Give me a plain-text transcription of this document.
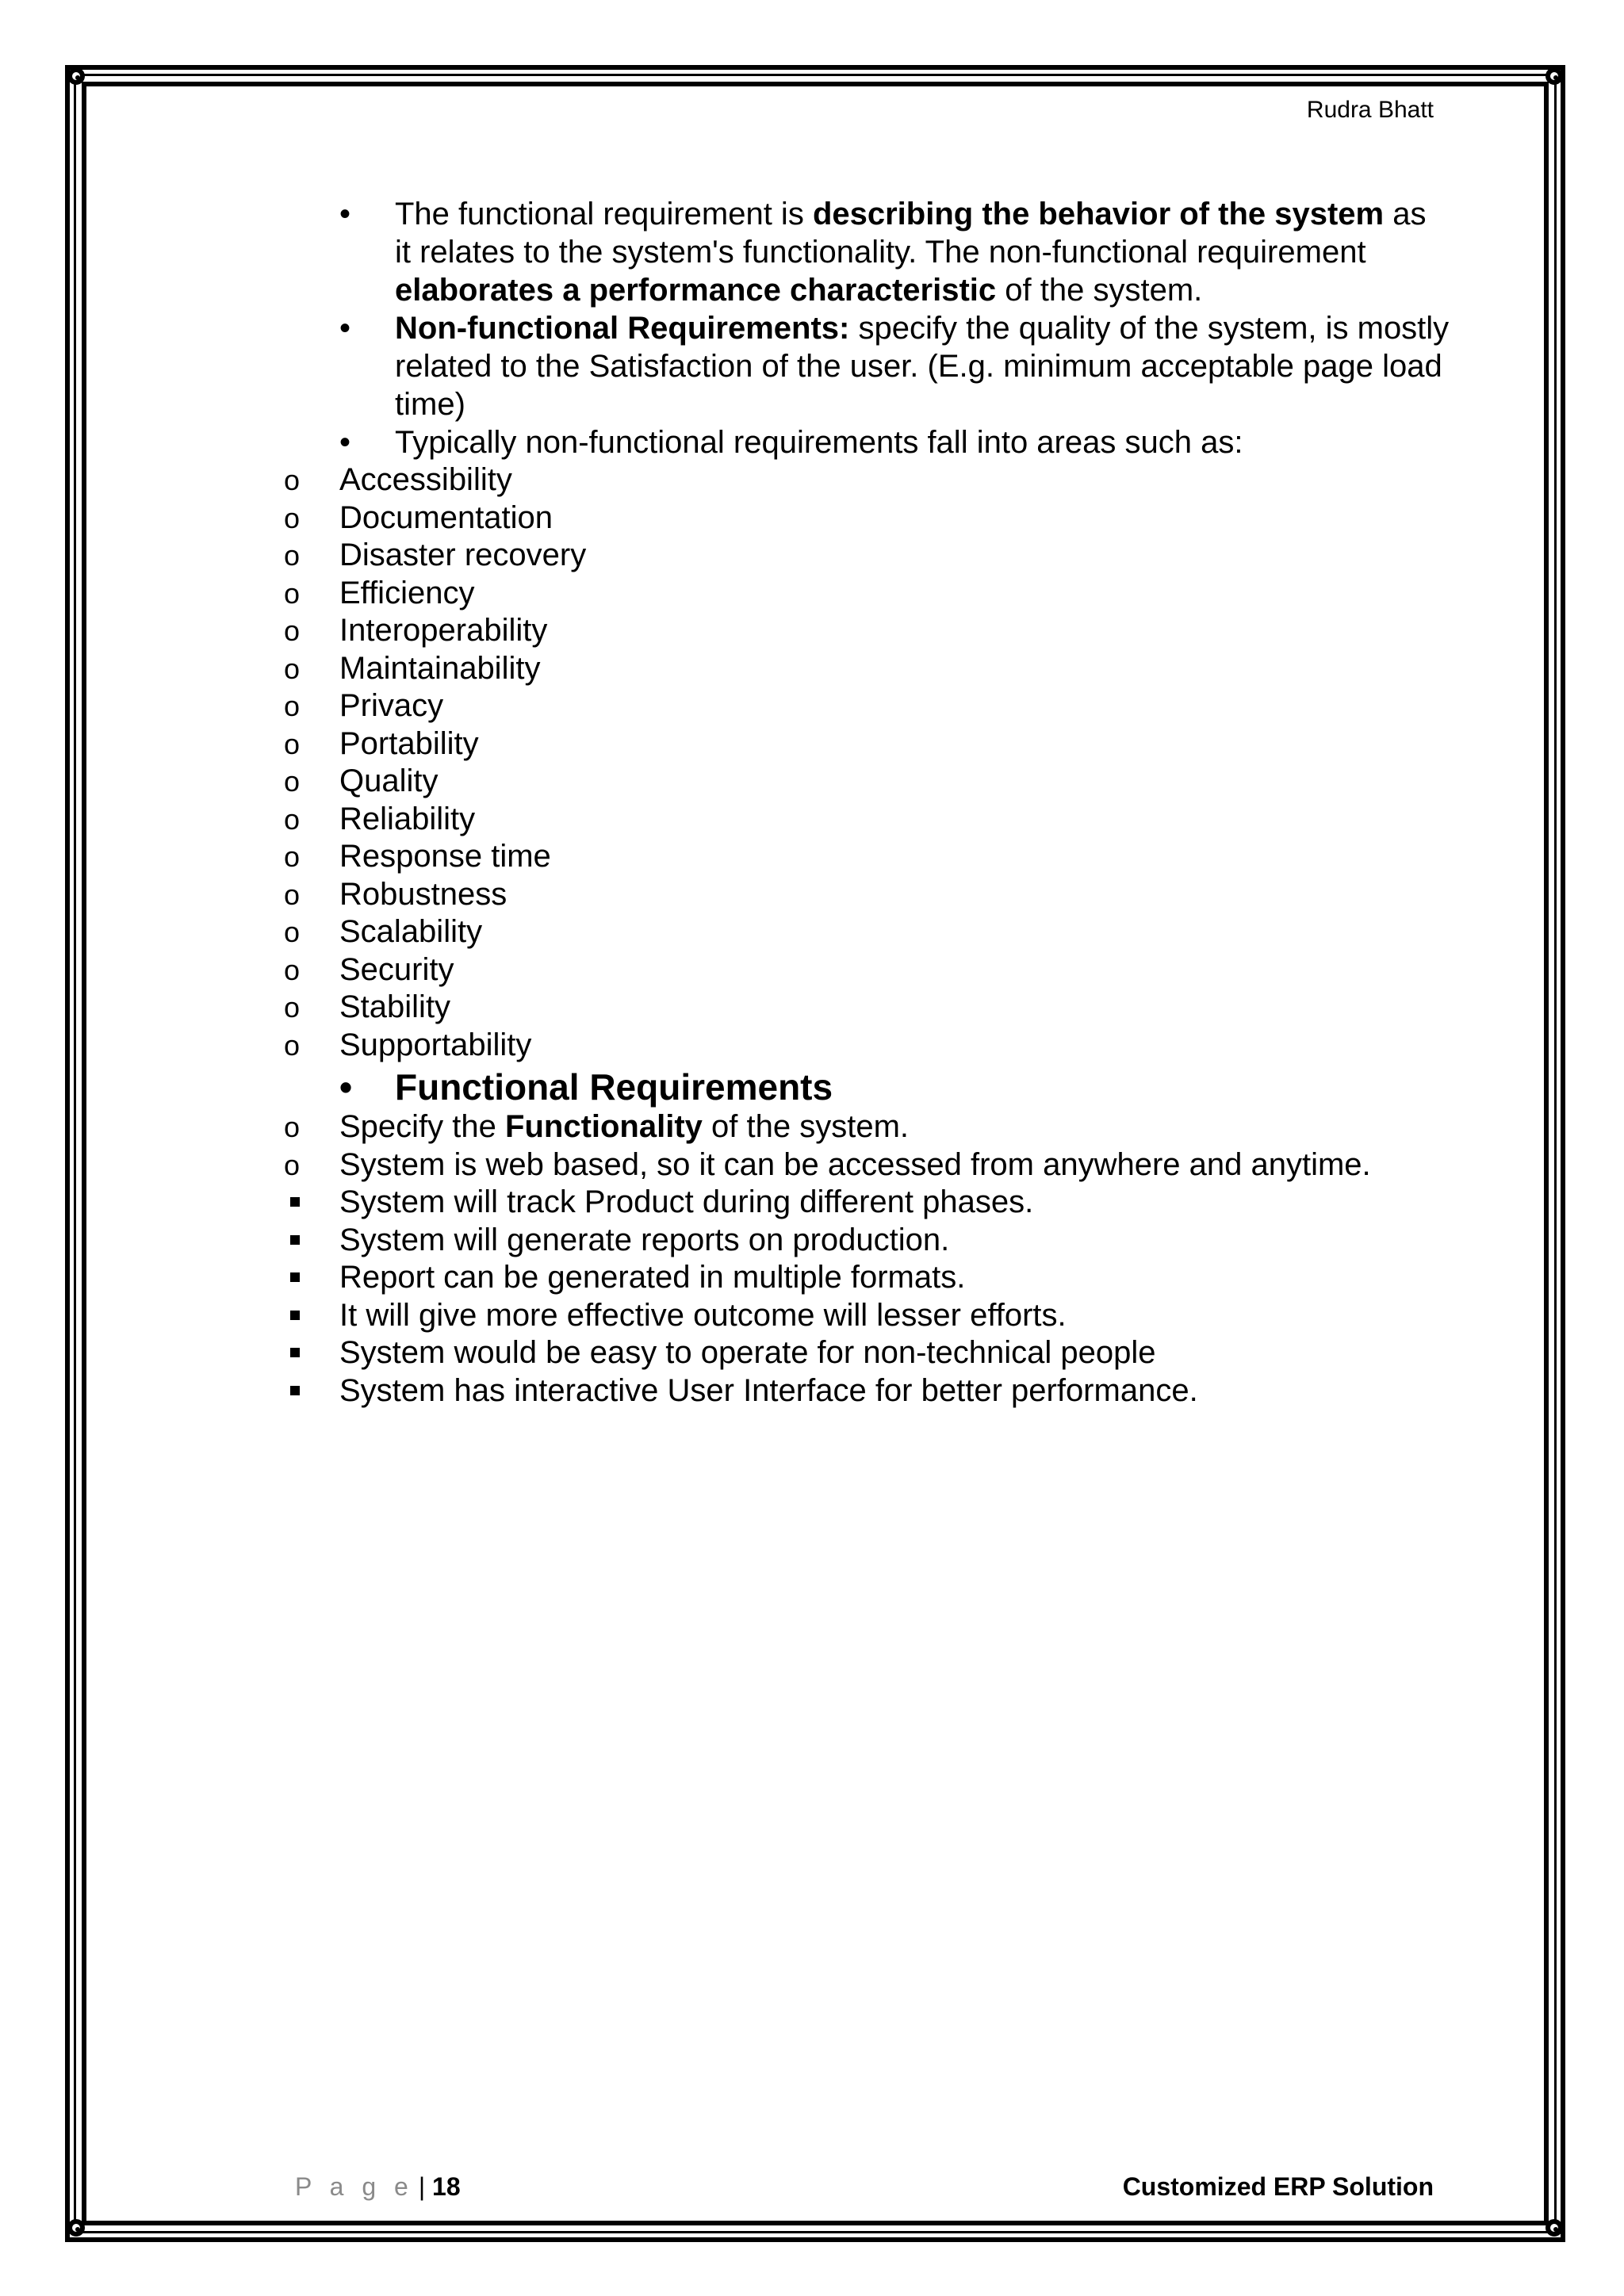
Rudra Bhatt

• The functional requirement is describing the behavior of the system as it relates to the system's functionality. The non-functional requirement elaborates a performance characteristic of the system.

• Non-functional Requirements: specify the quality of the system, is mostly related to the Satisfaction of the user. (E.g. minimum acceptable page load time)

• Typically non-functional requirements fall into areas such as:

o	Accessibility
o	Documentation
o	Disaster recovery
o	Efficiency
o	Interoperability
o	Maintainability
o	Privacy
o	Portability
o	Quality
o	Reliability
o	Response time
o	Robustness
o	Scalability
o	Security
o	Stability
o	Supportability

• Functional Requirements

o	Specify the Functionality of the system.
o	System is web based, so it can be accessed from anywhere and anytime.
System will track Product during different phases.
System will generate reports on production.
Report can be generated in multiple formats.
It will give more effective outcome will lesser efforts.
System would be easy to operate for non-technical people
System has interactive User Interface for better performance.
P a g e | 18	Customized ERP Solution
